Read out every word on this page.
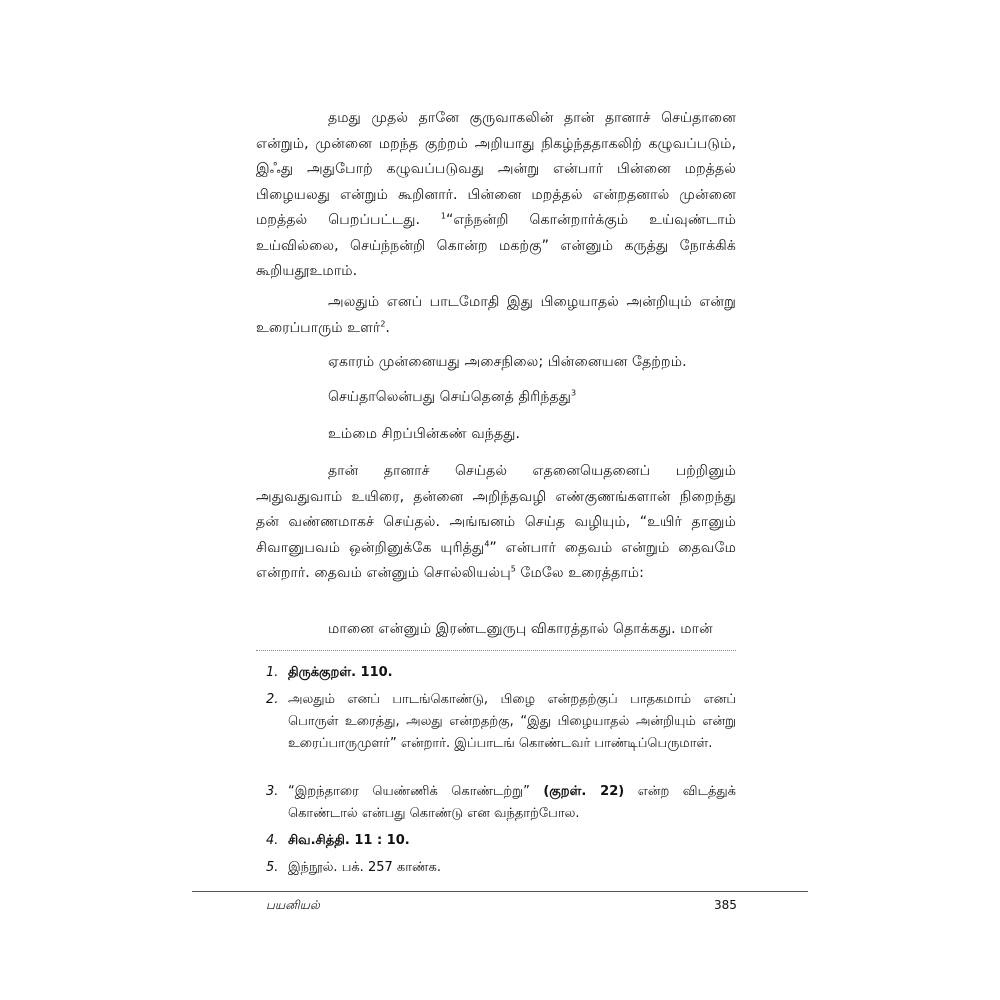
தமது முதல் தானே குருவாகலின் தான் தானாச் செய்தானை என்றும், முன்னை மறந்த குற்றம் அறியாது நிகழ்ந்ததாகலிற் கழுவப்படும், இஃது அதுபோற் கழுவப்படுவது அன்று என்பார் பின்னை மறத்தல் பிழையலது என்றும் கூறினார். பின்னை மறத்தல் என்றதனால் முன்னை மறத்தல் பெறப்பட்டது. $^1$“எந்நன்றி கொன்றார்க்கும் உய்வுண்டாம் உய்வில்லை, செய்ந்நன்றி கொன்ற மகற்கு” என்னும் கருத்து நோக்கிக் கூறியதூஉமாம்.

அலதும் எனப் பாடமோதி இது பிழையாதல் அன்றியும் என்று உரைப்பாரும் உளர்$^2$.

ஏகாரம் முன்னையது அசைநிலை; பின்னையன தேற்றம்.
செய்தாலென்பது செய்தெனத் திரிந்தது$^3$
உம்மை சிறப்பின்கண் வந்தது.

தான் தானாச் செய்தல் எதனையெதனைப் பற்றினும் அதுவதுவாம் உயிரை, தன்னை அறிந்தவழி எண்குணங்களான் நிறைந்து தன் வண்ணமாகச் செய்தல். அங்ஙனம் செய்த வழியும், “உயிர் தானும் சிவானுபவம் ஒன்றினுக்கே யுரித்து$^4$” என்பார் தைவம் என்றும் தைவமே என்றார். தைவம் என்னும் சொல்லியல்பு$^5$ மேலே உரைத்தாம்:

மானை என்னும் இரண்டனுருபு விகாரத்தால் தொக்கது. மான்
1. திருக்குறள். 110.
2. அலதும் எனப் பாடங்கொண்டு, பிழை என்றதற்குப் பாதகமாம் எனப் பொருள் உரைத்து, அலது என்றதற்கு, “இது பிழையாதல் அன்றியும் என்று உரைப்பாருமுளர்” என்றார். இப்பாடங் கொண்டவர் பாண்டிப்பெருமாள்.
3. “இறந்தாரை யெண்ணிக் கொண்டற்று” (குறள். 22) என்ற விடத்துக் கொண்டால் என்பது கொண்டு என வந்தாற்போல.
4. சிவ.சித்தி. 11 : 10.
5. இந்நூல். பக். 257 காண்க.
பயனியல்	385
